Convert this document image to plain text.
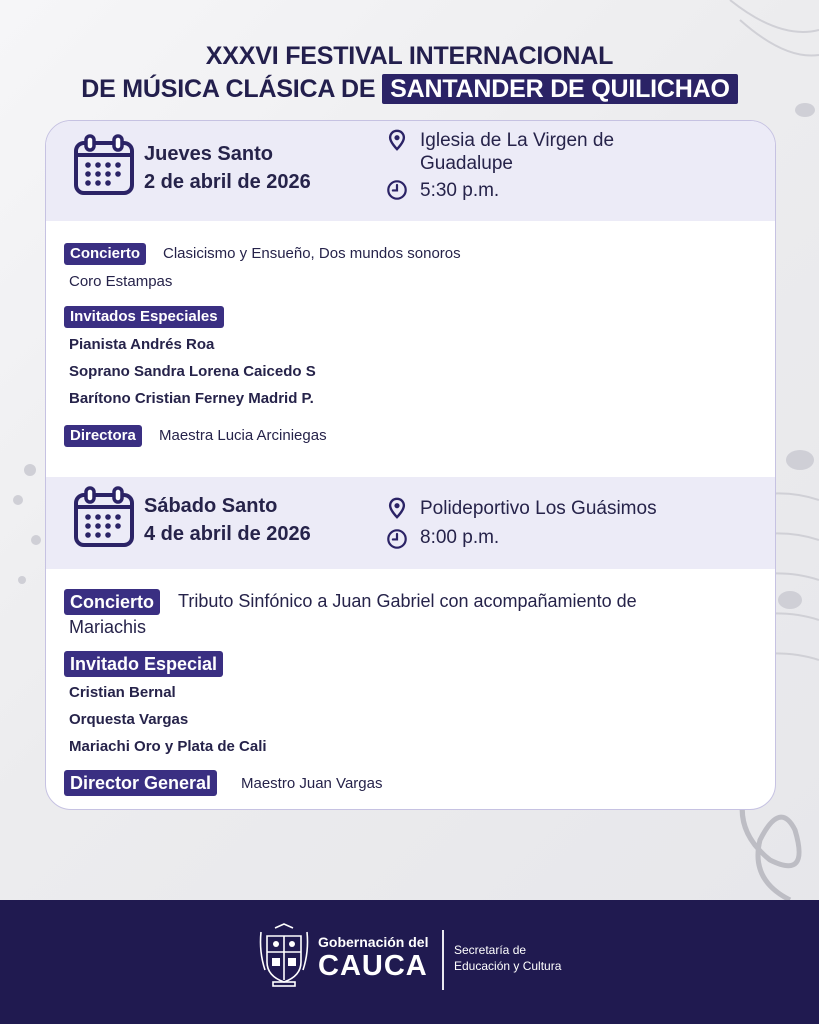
XXXVI FESTIVAL INTERNACIONAL
DE MÚSICA CLÁSICA DE SANTANDER DE QUILICHAO
Jueves Santo
2 de abril de 2026
Iglesia de La Virgen de
Guadalupe
5:30 p.m.
Concierto	Clasicismo y Ensueño, Dos mundos sonoros
Coro Estampas
Invitados Especiales
Pianista Andrés Roa
Soprano Sandra Lorena Caicedo S
Barítono Cristian Ferney Madrid P.
Directora	Maestra Lucia Arciniegas
Sábado Santo
4 de abril de 2026
Polideportivo Los Guásimos
8:00 p.m.
Concierto	Tributo Sinfónico a Juan Gabriel con acompañamiento de
Mariachis
Invitado Especial
Cristian Bernal
Orquesta Vargas
Mariachi Oro y Plata de Cali
Director General	Maestro Juan Vargas
Gobernación del
CAUCA Secretaría de
Educación y Cultura
